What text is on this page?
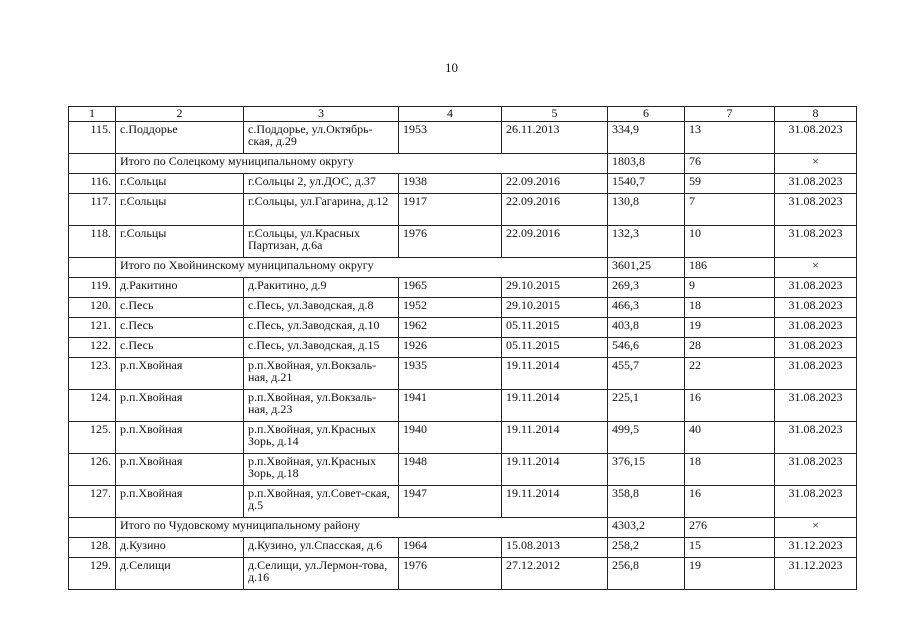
10
1	2	3	4	5	6	7	8
115.	с.Поддорье	с.Поддорье, ул.Октябрь-ская, д.29	1953	26.11.2013	334,9	13	31.08.2023
	Итого по Солецкому муниципальному округу				1803,8	76	×
116.	г.Сольцы	г.Сольцы 2, ул.ДОС, д.37	1938	22.09.2016	1540,7	59	31.08.2023
117.	г.Сольцы	г.Сольцы, ул.Гагарина, д.12	1917	22.09.2016	130,8	7	31.08.2023
118.	г.Сольцы	г.Сольцы, ул.Красных Партизан, д.6а	1976	22.09.2016	132,3	10	31.08.2023
	Итого по Хвойнинскому муниципальному округу				3601,25	186	×
119.	д.Ракитино	д.Ракитино, д.9	1965	29.10.2015	269,3	9	31.08.2023
120.	с.Песь	с.Песь, ул.Заводская, д.8	1952	29.10.2015	466,3	18	31.08.2023
121.	с.Песь	с.Песь, ул.Заводская, д.10	1962	05.11.2015	403,8	19	31.08.2023
122.	с.Песь	с.Песь, ул.Заводская, д.15	1926	05.11.2015	546,6	28	31.08.2023
123.	р.п.Хвойная	р.п.Хвойная, ул.Вокзаль-ная, д.21	1935	19.11.2014	455,7	22	31.08.2023
124.	р.п.Хвойная	р.п.Хвойная, ул.Вокзаль-ная, д.23	1941	19.11.2014	225,1	16	31.08.2023
125.	р.п.Хвойная	р.п.Хвойная, ул.Красных Зорь, д.14	1940	19.11.2014	499,5	40	31.08.2023
126.	р.п.Хвойная	р.п.Хвойная, ул.Красных Зорь, д.18	1948	19.11.2014	376,15	18	31.08.2023
127.	р.п.Хвойная	р.п.Хвойная, ул.Совет-ская, д.5	1947	19.11.2014	358,8	16	31.08.2023
	Итого по Чудовскому муниципальному району				4303,2	276	×
128.	д.Кузино	д.Кузино, ул.Спасская, д.6	1964	15.08.2013	258,2	15	31.12.2023
129.	д.Селищи	д.Селищи, ул.Лермон-това, д.16	1976	27.12.2012	256,8	19	31.12.2023
